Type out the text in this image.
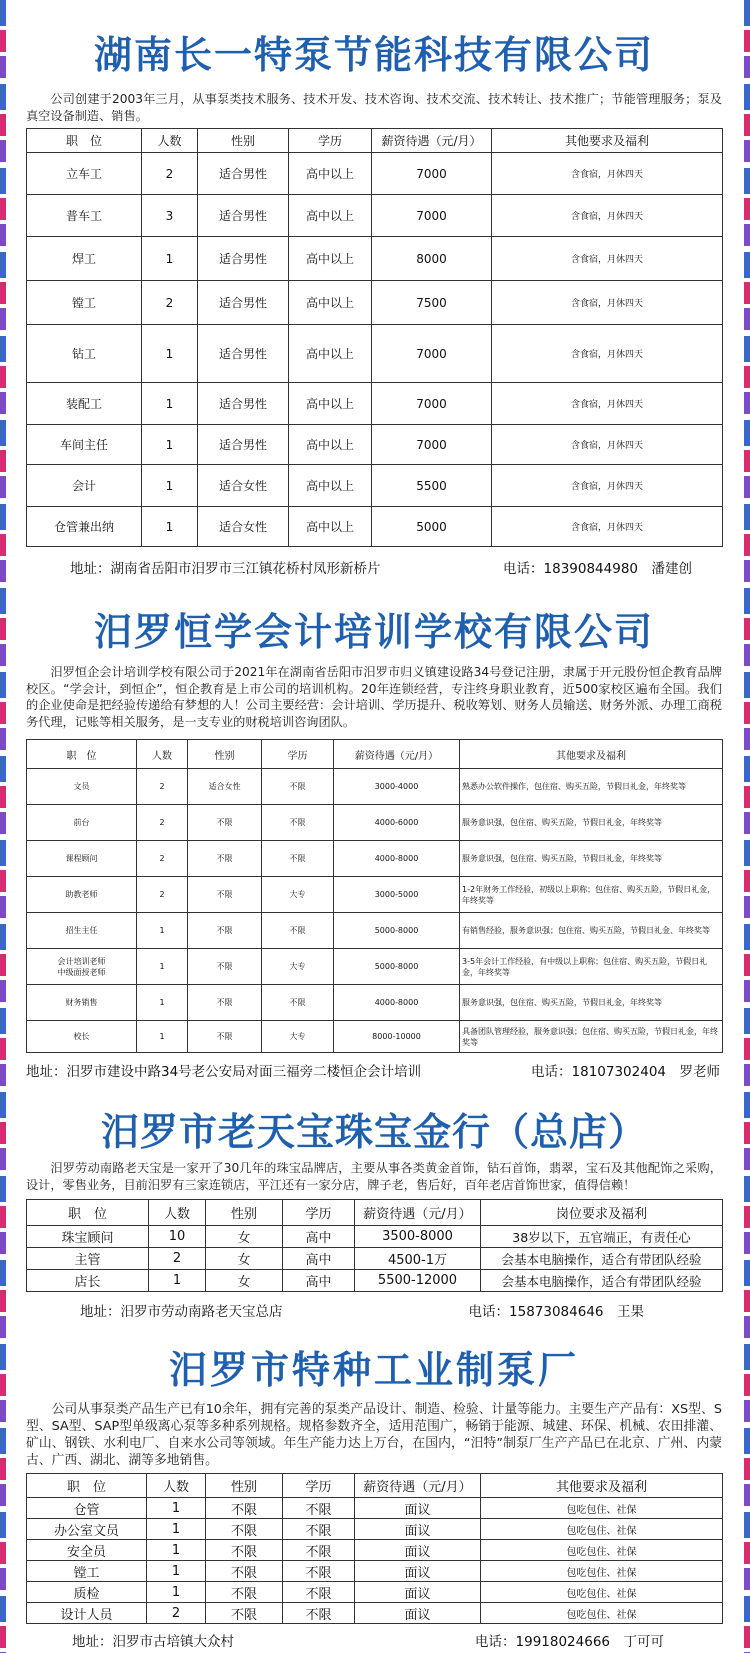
湖南长一特泵节能科技有限公司

公司创建于2003年三月，从事泵类技术服务、技术开发、技术咨询、技术交流、技术转让、技术推广；节能管理服务；泵及真空设备制造、销售。

职　位	人数	性别	学历	薪资待遇（元/月）	其他要求及福利
立车工	2	适合男性	高中以上	7000	含食宿，月休四天
普车工	3	适合男性	高中以上	7000	含食宿，月休四天
焊工	1	适合男性	高中以上	8000	含食宿，月休四天
镗工	2	适合男性	高中以上	7500	含食宿，月休四天
钻工	1	适合男性	高中以上	7000	含食宿，月休四天
装配工	1	适合男性	高中以上	7000	含食宿，月休四天
车间主任	1	适合男性	高中以上	7000	含食宿，月休四天
会计	1	适合女性	高中以上	5500	含食宿，月休四天
仓管兼出纳	1	适合女性	高中以上	5000	含食宿，月休四天
地址：湖南省岳阳市汨罗市三江镇花桥村凤形新桥片	电话：18390844980　潘建创
汨罗恒学会计培训学校有限公司

汨罗恒企会计培训学校有限公司于2021年在湖南省岳阳市汨罗市归义镇建设路34号登记注册，隶属于开元股份恒企教育品牌校区。“学会计，到恒企”，恒企教育是上市公司的培训机构。20年连锁经营，专注终身职业教育，近500家校区遍布全国。我们的企业使命是把经验传递给有梦想的人！公司主要经营：会计培训、学历提升、税收筹划、财务人员输送、财务外派、办理工商税务代理，记账等相关服务，是一支专业的财税培训咨询团队。

职　位	人数	性别	学历	薪资待遇（元/月）	其他要求及福利
文员	2	适合女性	不限	3000-4000	熟悉办公软件操作，包住宿、购买五险，节假日礼金，年终奖等
前台	2	不限	不限	4000-6000	服务意识强，包住宿、购买五险，节假日礼金，年终奖等
课程顾问	2	不限	不限	4000-8000	服务意识强，包住宿、购买五险，节假日礼金，年终奖等
助教老师	2	不限	大专	3000-5000	1-2年财务工作经验，初级以上职称；包住宿、购买五险，节假日礼金，年终奖等
招生主任	1	不限	不限	5000-8000	有销售经验，服务意识强；包住宿、购买五险，节假日礼金、年终奖等
会计培训老师
中级面授老师	1	不限	大专	5000-8000	3-5年会计工作经验，有中级以上职称；包住宿、购买五险，节假日礼金，年终奖等
财务销售	1	不限	不限	4000-8000	服务意识强，包住宿、购买五险，节假日礼金，年终奖等
校长	1	不限	大专	8000-10000	具备团队管理经验，服务意识强；包住宿、购买五险，节假日礼金，年终奖等
地址：汨罗市建设中路34号老公安局对面三福旁二楼恒企会计培训	电话：18107302404　罗老师
汨罗市老天宝珠宝金行（总店）

汨罗劳动南路老天宝是一家开了30几年的珠宝品牌店，主要从事各类黄金首饰，钻石首饰，翡翠，宝石及其他配饰之采购，设计，零售业务，目前汨罗有三家连锁店，平江还有一家分店，牌子老，售后好，百年老店首饰世家，值得信赖！

职　位	人数	性别	学历	薪资待遇（元/月）	岗位要求及福利
珠宝顾问	10	女	高中	3500-8000	38岁以下，五官端正，有责任心
主管	2	女	高中	4500-1万	会基本电脑操作，适合有带团队经验
店长	1	女	高中	5500-12000	会基本电脑操作，适合有带团队经验
地址：汨罗市劳动南路老天宝总店	电话：15873084646　王果
汨罗市特种工业制泵厂

公司从事泵类产品生产已有10余年，拥有完善的泵类产品设计、制造、检验、计量等能力。主要生产产品有：XS型、S型、SA型、SAP型单级离心泵等多种系列规格。规格参数齐全，适用范围广，畅销于能源、城建、环保、机械、农田排灌、矿山、钢铁、水利电厂、自来水公司等领域。年生产能力达上万台，在国内，“汨特”制泵厂生产产品已在北京、广州、内蒙古、广西、湖北、湖等多地销售。

职　位	人数	性别	学历	薪资待遇（元/月）	其他要求及福利
仓管	1	不限	不限	面议	包吃包住、社保
办公室文员	1	不限	不限	面议	包吃包住、社保
安全员	1	不限	不限	面议	包吃包住、社保
镗工	1	不限	不限	面议	包吃包住、社保
质检	1	不限	不限	面议	包吃包住、社保
设计人员	2	不限	不限	面议	包吃包住、社保
地址：汨罗市古培镇大众村	电话：19918024666　丁可可
